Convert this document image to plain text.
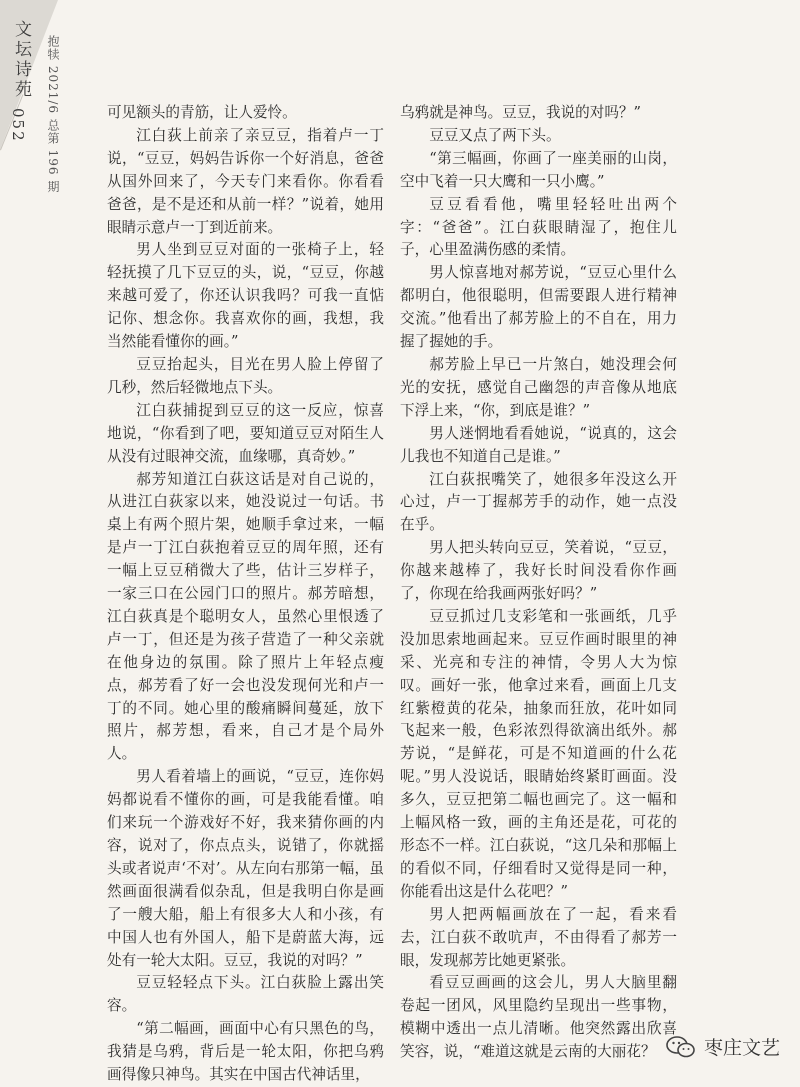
文坛诗苑
052 抱犊 2021/6 总第 196 期	可见额头的青筋，让人爱怜。

江白荻上前亲了亲豆豆，指着卢一丁说，“豆豆，妈妈告诉你一个好消息，爸爸从国外回来了，今天专门来看你。你看看爸爸，是不是还和从前一样？”说着，她用眼睛示意卢一丁到近前来。

男人坐到豆豆对面的一张椅子上，轻轻抚摸了几下豆豆的头，说，“豆豆，你越来越可爱了，你还认识我吗？可我一直惦记你、想念你。我喜欢你的画，我想，我当然能看懂你的画。”

豆豆抬起头，目光在男人脸上停留了几秒，然后轻微地点下头。

江白荻捕捉到豆豆的这一反应，惊喜地说，“你看到了吧，要知道豆豆对陌生人从没有过眼神交流，血缘哪，真奇妙。”

郝芳知道江白荻这话是对自己说的，从进江白荻家以来，她没说过一句话。书桌上有两个照片架，她顺手拿过来，一幅是卢一丁江白荻抱着豆豆的周年照，还有一幅上豆豆稍微大了些，估计三岁样子，一家三口在公园门口的照片。郝芳暗想，江白荻真是个聪明女人，虽然心里恨透了卢一丁，但还是为孩子营造了一种父亲就在他身边的氛围。除了照片上年轻点瘦点，郝芳看了好一会也没发现何光和卢一丁的不同。她心里的酸痛瞬间蔓延，放下照片，郝芳想，看来，自己才是个局外人。

男人看着墙上的画说，“豆豆，连你妈妈都说看不懂你的画，可是我能看懂。咱们来玩一个游戏好不好，我来猜你画的内容，说对了，你点点头，说错了，你就摇头或者说声‘不对’。从左向右那第一幅，虽然画面很满看似杂乱，但是我明白你是画了一艘大船，船上有很多大人和小孩，有中国人也有外国人，船下是蔚蓝大海，远处有一轮大太阳。豆豆，我说的对吗？”

豆豆轻轻点下头。江白荻脸上露出笑容。

“第二幅画，画面中心有只黑色的鸟，我猜是乌鸦，背后是一轮太阳，你把乌鸦画得像只神鸟。其实在中国古代神话里，

乌鸦就是神鸟。豆豆，我说的对吗？”

豆豆又点了两下头。

“第三幅画，你画了一座美丽的山岗，空中飞着一只大鹰和一只小鹰。”

豆豆看看他，嘴里轻轻吐出两个字：“爸爸”。江白荻眼睛湿了，抱住儿子，心里盈满伤感的柔情。

男人惊喜地对郝芳说，“豆豆心里什么都明白，他很聪明，但需要跟人进行精神交流。”他看出了郝芳脸上的不自在，用力握了握她的手。

郝芳脸上早已一片煞白，她没理会何光的安抚，感觉自己幽怨的声音像从地底下浮上来，“你，到底是谁？”

男人迷惘地看看她说，“说真的，这会儿我也不知道自己是谁。”

江白荻抿嘴笑了，她很多年没这么开心过，卢一丁握郝芳手的动作，她一点没在乎。

男人把头转向豆豆，笑着说，“豆豆，你越来越棒了，我好长时间没看你作画了，你现在给我画两张好吗？”

豆豆抓过几支彩笔和一张画纸，几乎没加思索地画起来。豆豆作画时眼里的神采、光亮和专注的神情，令男人大为惊叹。画好一张，他拿过来看，画面上几支红紫橙黄的花朵，抽象而狂放，花叶如同飞起来一般，色彩浓烈得欲滴出纸外。郝芳说，“是鲜花，可是不知道画的什么花呢。”男人没说话，眼睛始终紧盯画面。没多久，豆豆把第二幅也画完了。这一幅和上幅风格一致，画的主角还是花，可花的形态不一样。江白荻说，“这几朵和那幅上的看似不同，仔细看时又觉得是同一种，你能看出这是什么花吧？”

男人把两幅画放在了一起，看来看去，江白荻不敢吭声，不由得看了郝芳一眼，发现郝芳比她更紧张。

看豆豆画画的这会儿，男人大脑里翻卷起一团风，风里隐约呈现出一些事物，模糊中透出一点儿清晰。他突然露出欣喜笑容，说，“难道这就是云南的大丽花？	枣庄文艺
